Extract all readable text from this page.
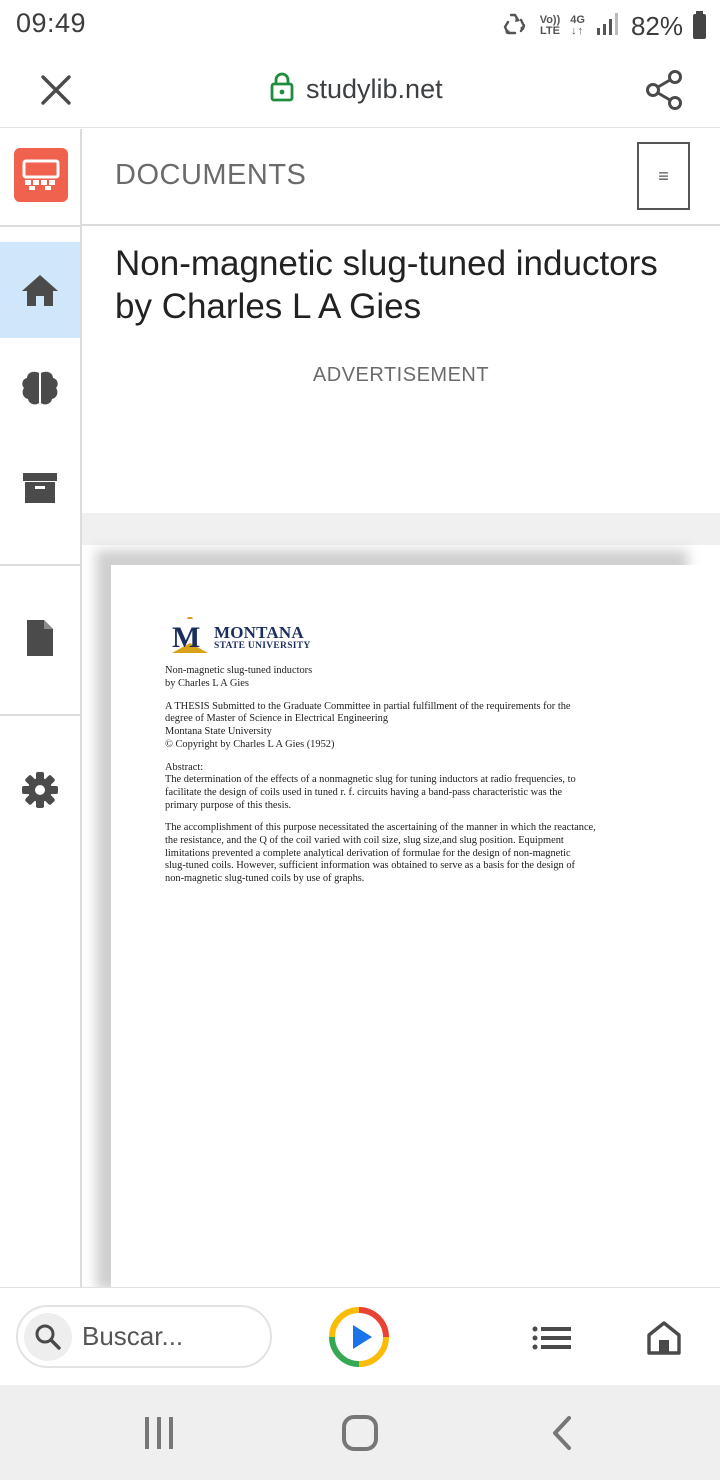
09:49	Vo))
LTE
4G
↓↑ 82%
studylib.net
DOCUMENTS	≡
Non-magnetic slug-tuned inductors by Charles L A Gies
ADVERTISEMENT
M MONTANA
STATE UNIVERSITY
Non-magnetic slug-tuned inductors
by Charles L A Gies
A THESIS Submitted to the Graduate Committee in partial fulfillment of the requirements for the
degree of Master of Science in Electrical Engineering
Montana State University
© Copyright by Charles L A Gies (1952)
Abstract:
The determination of the effects of a nonmagnetic slug for tuning inductors at radio frequencies, to
facilitate the design of coils used in tuned r. f. circuits having a band-pass characteristic was the
primary purpose of this thesis.
The accomplishment of this purpose necessitated the ascertaining of the manner in which the reactance,
the resistance, and the Q of the coil varied with coil size, slug size,and slug position. Equipment
limitations prevented a complete analytical derivation of formulae for the design of non-magnetic
slug-tuned coils. However, sufficient information was obtained to serve as a basis for the design of
non-magnetic slug-tuned coils by use of graphs.
Buscar...
